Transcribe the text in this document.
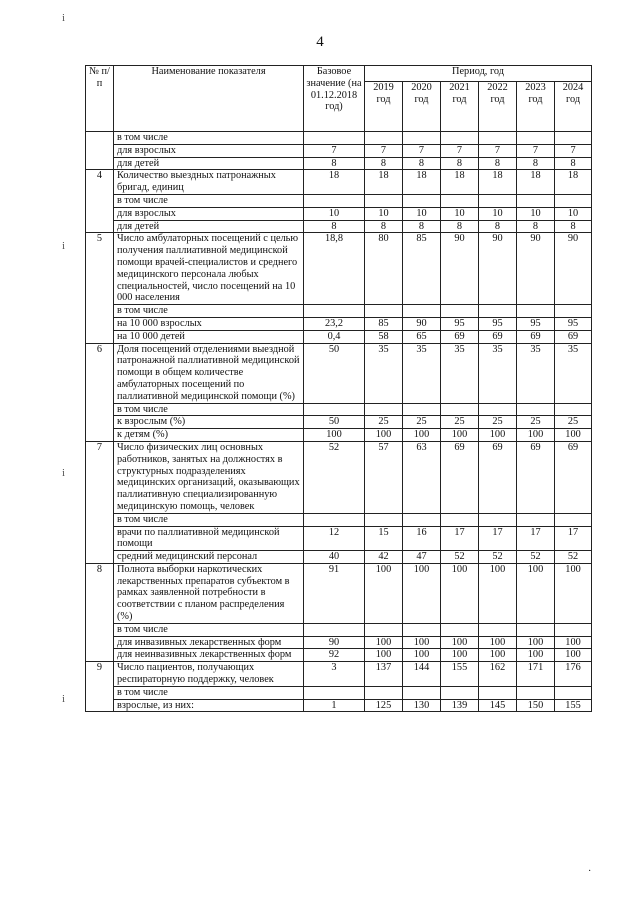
4
i
i
i
i
·
№ п/п	Наименование показателя	Базовое значение (на 01.12.2018 год)	Период, год					
			2019 год	2020 год	2021 год	2022 год	2023 год	2024 год
	в том числе							
	для взрослых	7	7	7	7	7	7	7
	для детей	8	8	8	8	8	8	8
4	Количество выездных патронажных бригад, единиц	18	18	18	18	18	18	18
	в том числе							
	для взрослых	10	10	10	10	10	10	10
	для детей	8	8	8	8	8	8	8
5	Число амбулаторных посещений с целью получения паллиативной медицинской помощи врачей-специалистов и среднего медицинского персонала любых специальностей, число посещений на 10 000 населения	18,8	80	85	90	90	90	90
	в том числе							
	на 10 000 взрослых	23,2	85	90	95	95	95	95
	на 10 000 детей	0,4	58	65	69	69	69	69
6	Доля посещений отделениями выездной патронажной паллиативной медицинской помощи в общем количестве амбулаторных посещений по паллиативной медицинской помощи (%)	50	35	35	35	35	35	35
	в том числе							
	к взрослым (%)	50	25	25	25	25	25	25
	к детям (%)	100	100	100	100	100	100	100
7	Число физических лиц основных работников, занятых на должностях в структурных подразделениях медицинских организаций, оказывающих паллиативную специализированную медицинскую помощь, человек	52	57	63	69	69	69	69
	в том числе							
	врачи по паллиативной медицинской помощи	12	15	16	17	17	17	17
	средний медицинский персонал	40	42	47	52	52	52	52
8	Полнота выборки наркотических лекарственных препаратов субъектом в рамках заявленной потребности в соответствии с планом распределения (%)	91	100	100	100	100	100	100
	в том числе							
	для инвазивных лекарственных форм	90	100	100	100	100	100	100
	для неинвазивных лекарственных форм	92	100	100	100	100	100	100
9	Число пациентов, получающих респираторную поддержку, человек	3	137	144	155	162	171	176
	в том числе							
	взрослые, из них:	1	125	130	139	145	150	155
